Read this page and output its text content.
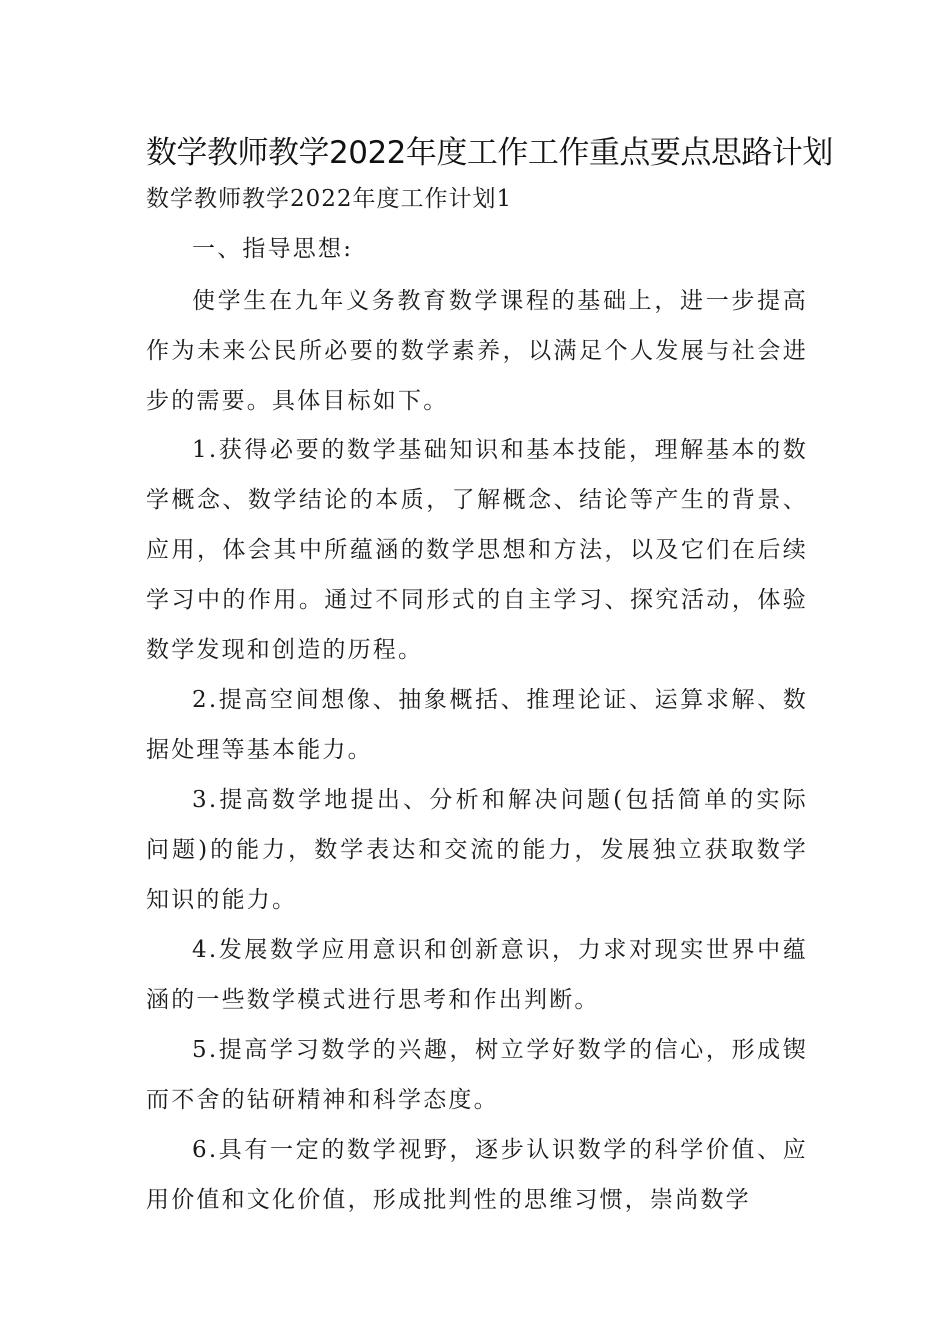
数学教师教学2022年度工作工作重点要点思路计划
数学教师教学2022年度工作计划1
一、指导思想:
使学生在九年义务教育数学课程的基础上，进一步提高作为未来公民所必要的数学素养，以满足个人发展与社会进步的需要。具体目标如下。
1.获得必要的数学基础知识和基本技能，理解基本的数学概念、数学结论的本质，了解概念、结论等产生的背景、应用，体会其中所蕴涵的数学思想和方法，以及它们在后续学习中的作用。通过不同形式的自主学习、探究活动，体验数学发现和创造的历程。
2.提高空间想像、抽象概括、推理论证、运算求解、数据处理等基本能力。
3.提高数学地提出、分析和解决问题(包括简单的实际问题)的能力，数学表达和交流的能力，发展独立获取数学知识的能力。
4.发展数学应用意识和创新意识，力求对现实世界中蕴涵的一些数学模式进行思考和作出判断。
5.提高学习数学的兴趣，树立学好数学的信心，形成锲而不舍的钻研精神和科学态度。
6.具有一定的数学视野，逐步认识数学的科学价值、应用价值和文化价值，形成批判性的思维习惯，崇尚数学
